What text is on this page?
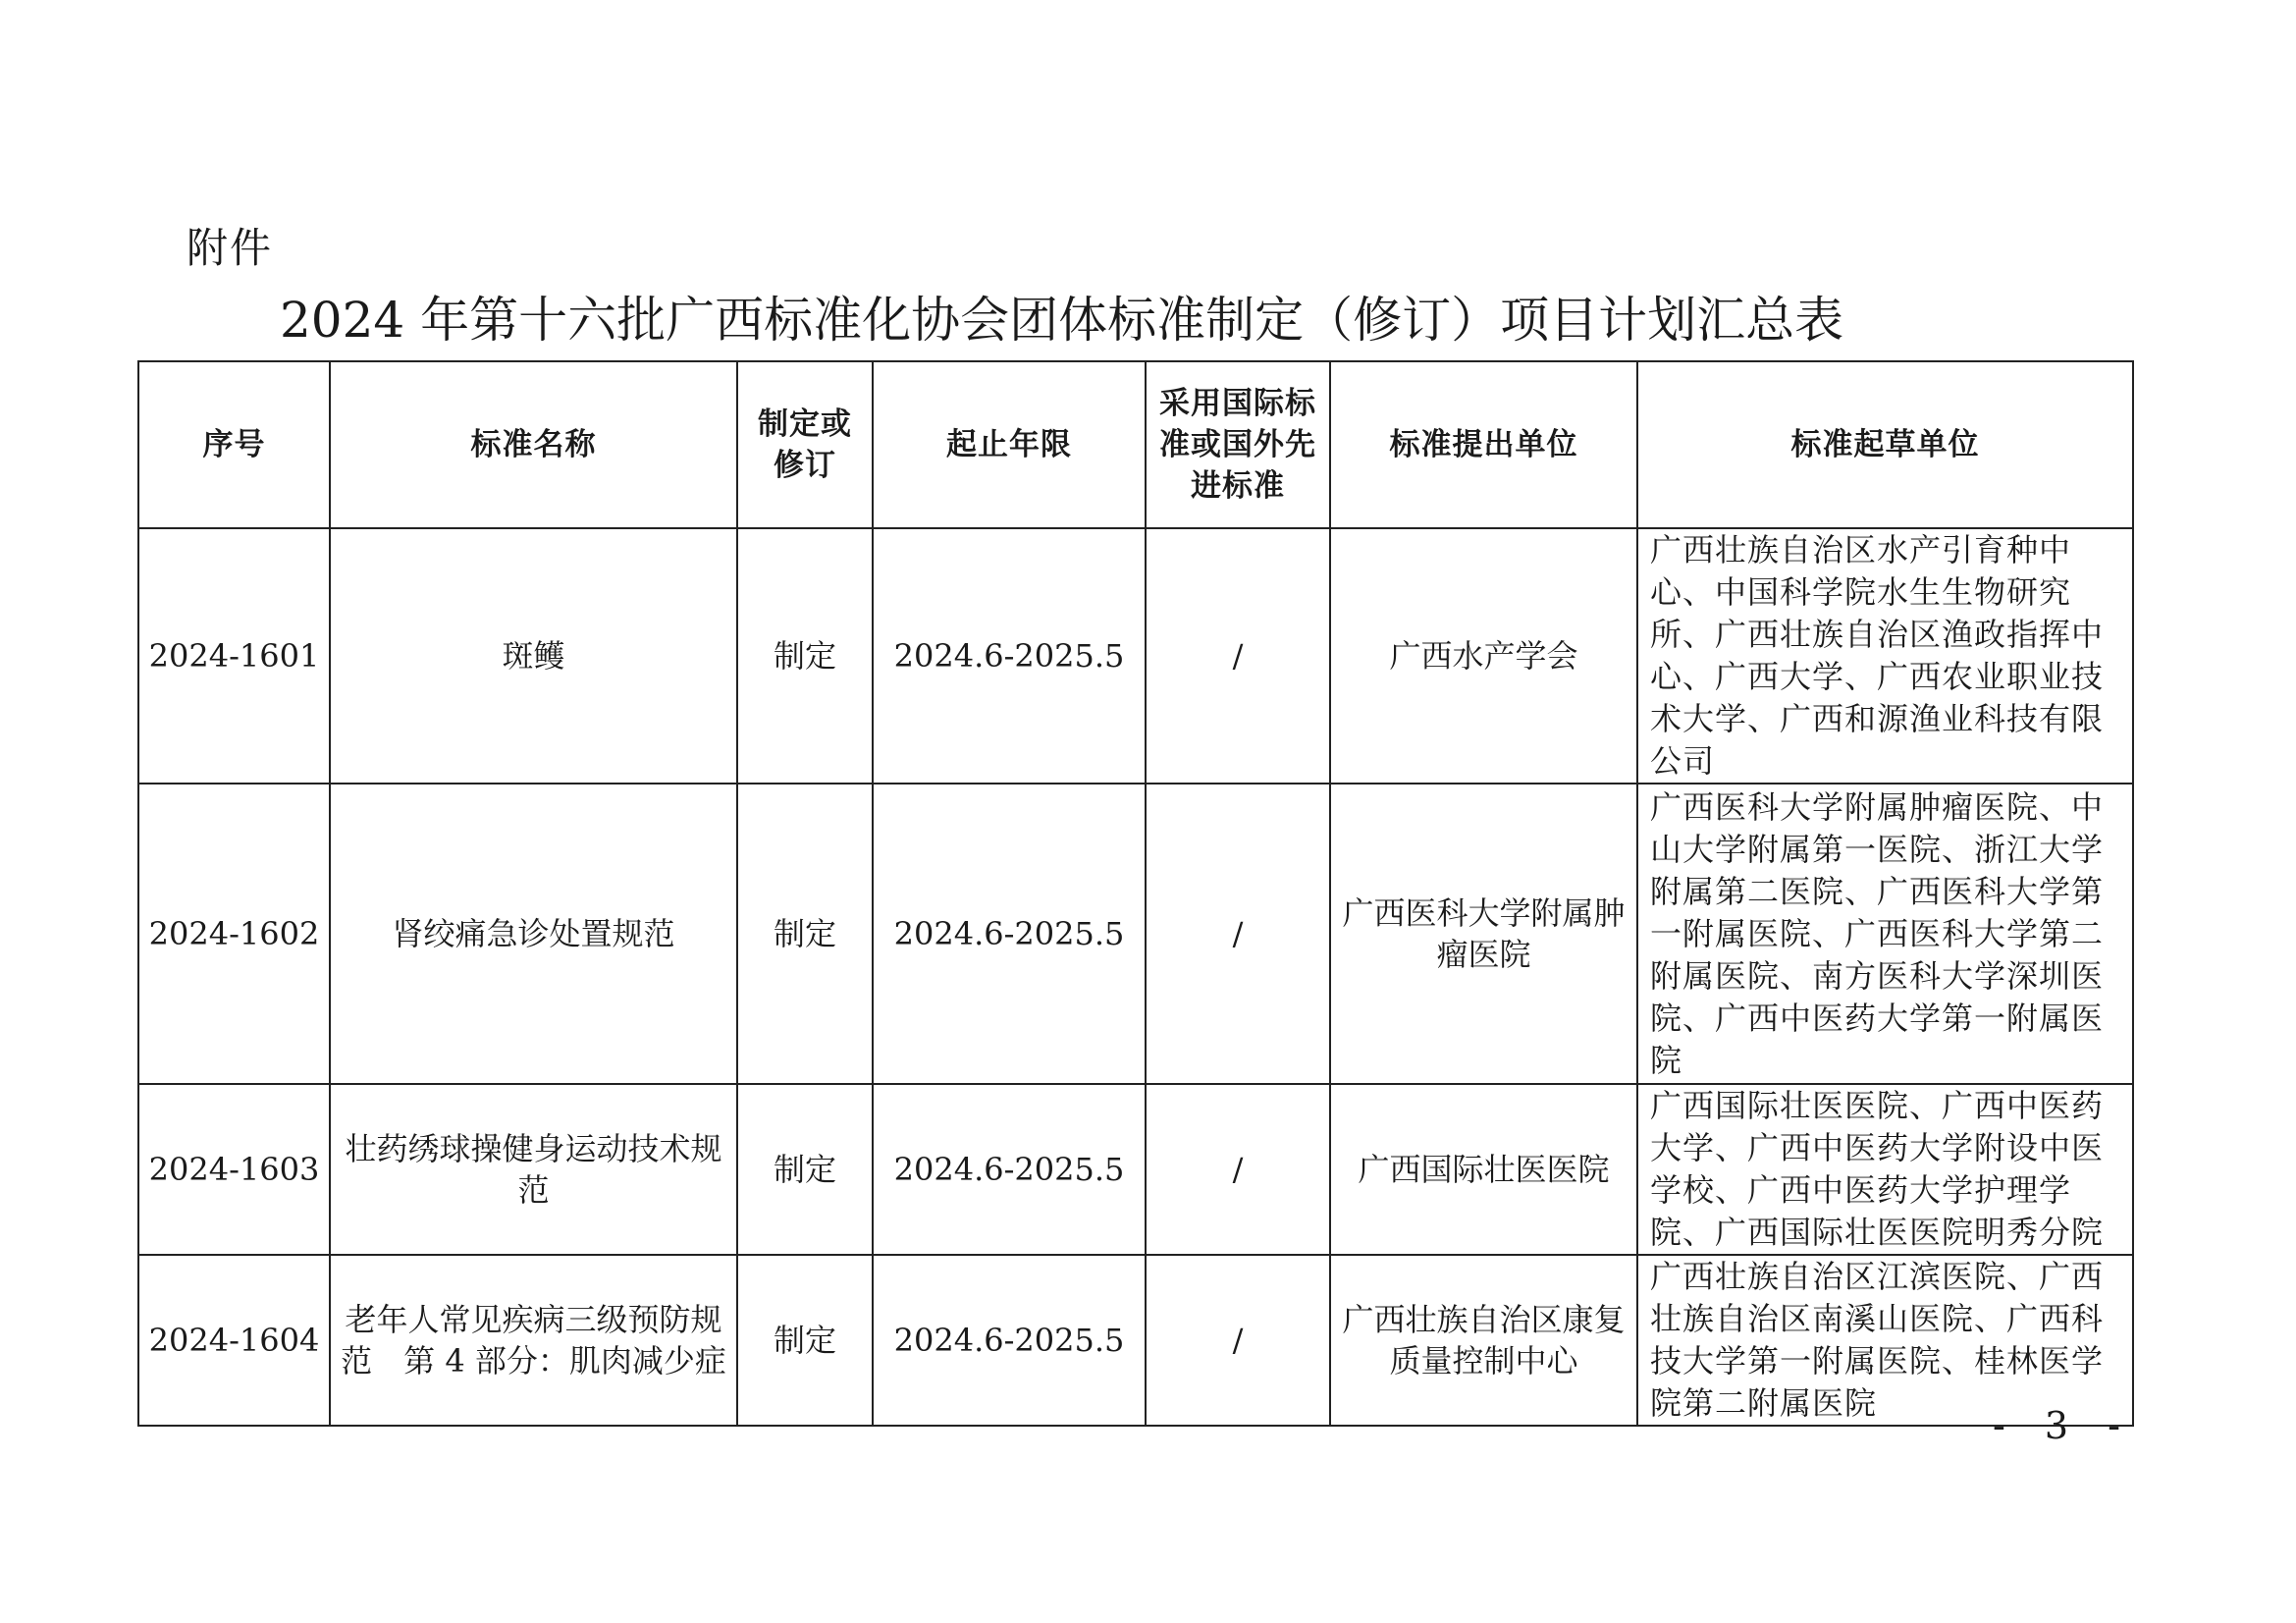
附件
2024 年第十六批广西标准化协会团体标准制定（修订）项目计划汇总表
序号	标准名称	制定或修订	起止年限	采用国际标准或国外先进标准	标准提出单位	标准起草单位
2024-1601	斑鳠	制定	2024.6-2025.5	/	广西水产学会	广西壮族自治区水产引育种中心、中国科学院水生生物研究所、广西壮族自治区渔政指挥中心、广西大学、广西农业职业技术大学、广西和源渔业科技有限公司
2024-1602	肾绞痛急诊处置规范	制定	2024.6-2025.5	/	广西医科大学附属肿瘤医院	广西医科大学附属肿瘤医院、中山大学附属第一医院、浙江大学附属第二医院、广西医科大学第一附属医院、广西医科大学第二附属医院、南方医科大学深圳医院、广西中医药大学第一附属医院
2024-1603	壮药绣球操健身运动技术规范	制定	2024.6-2025.5	/	广西国际壮医医院	广西国际壮医医院、广西中医药大学、广西中医药大学附设中医学校、广西中医药大学护理学院、广西国际壮医医院明秀分院
2024-1604	老年人常见疾病三级预防规范　第 4 部分：肌肉减少症	制定	2024.6-2025.5	/	广西壮族自治区康复质量控制中心	广西壮族自治区江滨医院、广西壮族自治区南溪山医院、广西科技大学第一附属医院、桂林医学院第二附属医院
- 3 -
